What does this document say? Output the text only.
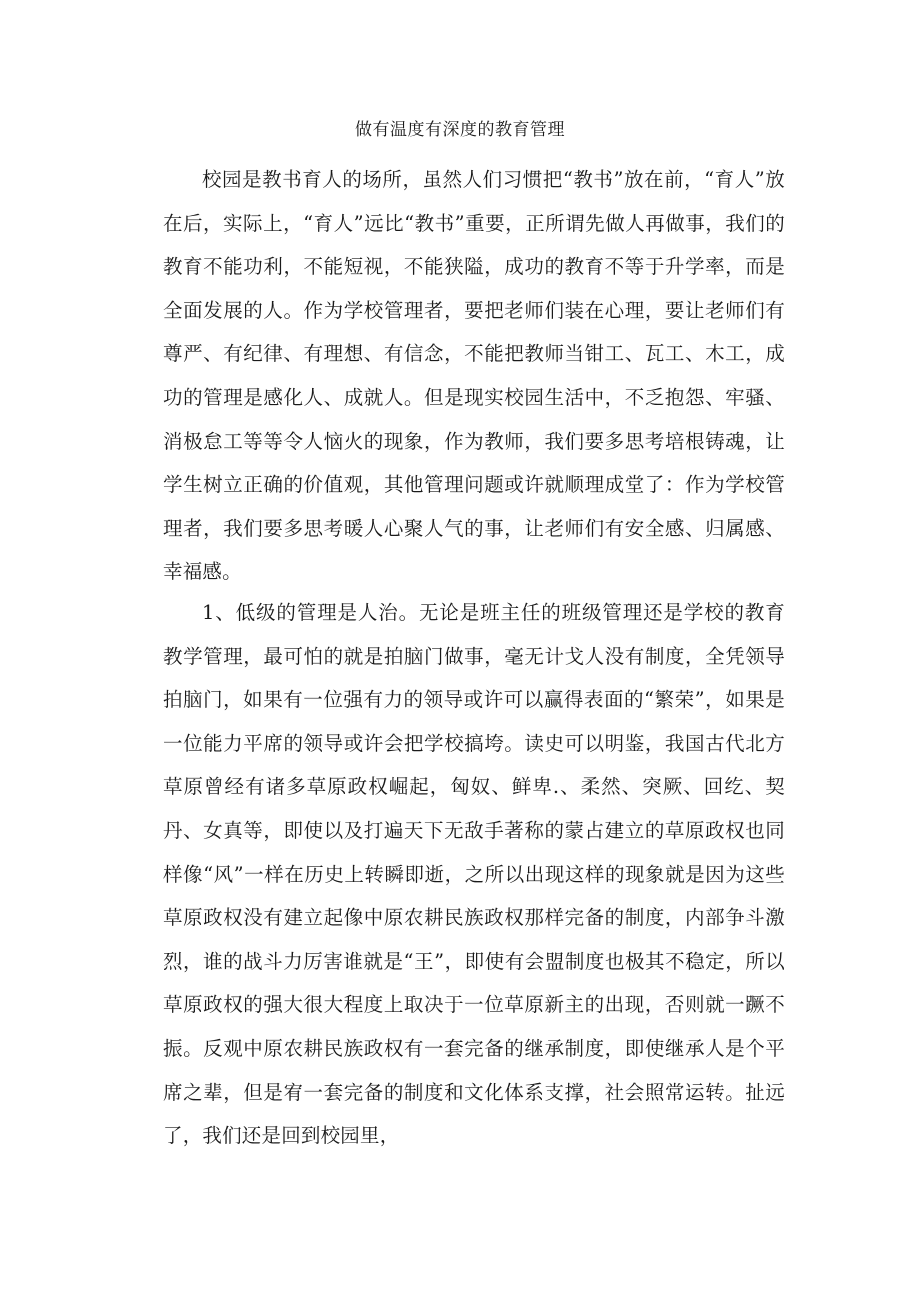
做有温度有深度的教育管理

校园是教书育人的场所，虽然人们习惯把“教书”放在前，“育人”放在后，实际上，“育人”远比“教书”重要，正所谓先做人再做事，我们的教育不能功利，不能短视，不能狭隘，成功的教育不等于升学率，而是全面发展的人。作为学校管理者，要把老师们装在心理，要让老师们有尊严、有纪律、有理想、有信念，不能把教师当钳工、瓦工、木工，成功的管理是感化人、成就人。但是现实校园生活中，不乏抱怨、牢骚、消极怠工等等令人恼火的现象，作为教师，我们要多思考培根铸魂，让学生树立正确的价值观，其他管理问题或许就顺理成堂了：作为学校管理者，我们要多思考暖人心聚人气的事，让老师们有安全感、归属感、幸福感。

1、低级的管理是人治。无论是班主任的班级管理还是学校的教育教学管理，最可怕的就是拍脑门做事，毫无计戈人没有制度，全凭领导拍脑门，如果有一位强有力的领导或许可以赢得表面的“繁荣”，如果是一位能力平席的领导或许会把学校搞垮。读史可以明鉴，我国古代北方草原曾经有诸多草原政权崛起，匈奴、鲜卑.、柔然、突厥、回纥、契丹、女真等，即使以及打遍天下无敌手著称的蒙占建立的草原政权也同样像“风”一样在历史上转瞬即逝，之所以出现这样的现象就是因为这些草原政权没有建立起像中原农耕民族政权那样完备的制度，内部争斗激烈，谁的战斗力厉害谁就是“王”，即使有会盟制度也极其不稳定，所以草原政权的强大很大程度上取决于一位草原新主的出现，否则就一蹶不振。反观中原农耕民族政权有一套完备的继承制度，即使继承人是个平席之辈，但是宥一套完备的制度和文化体系支撑，社会照常运转。扯远了，我们还是回到校园里，
